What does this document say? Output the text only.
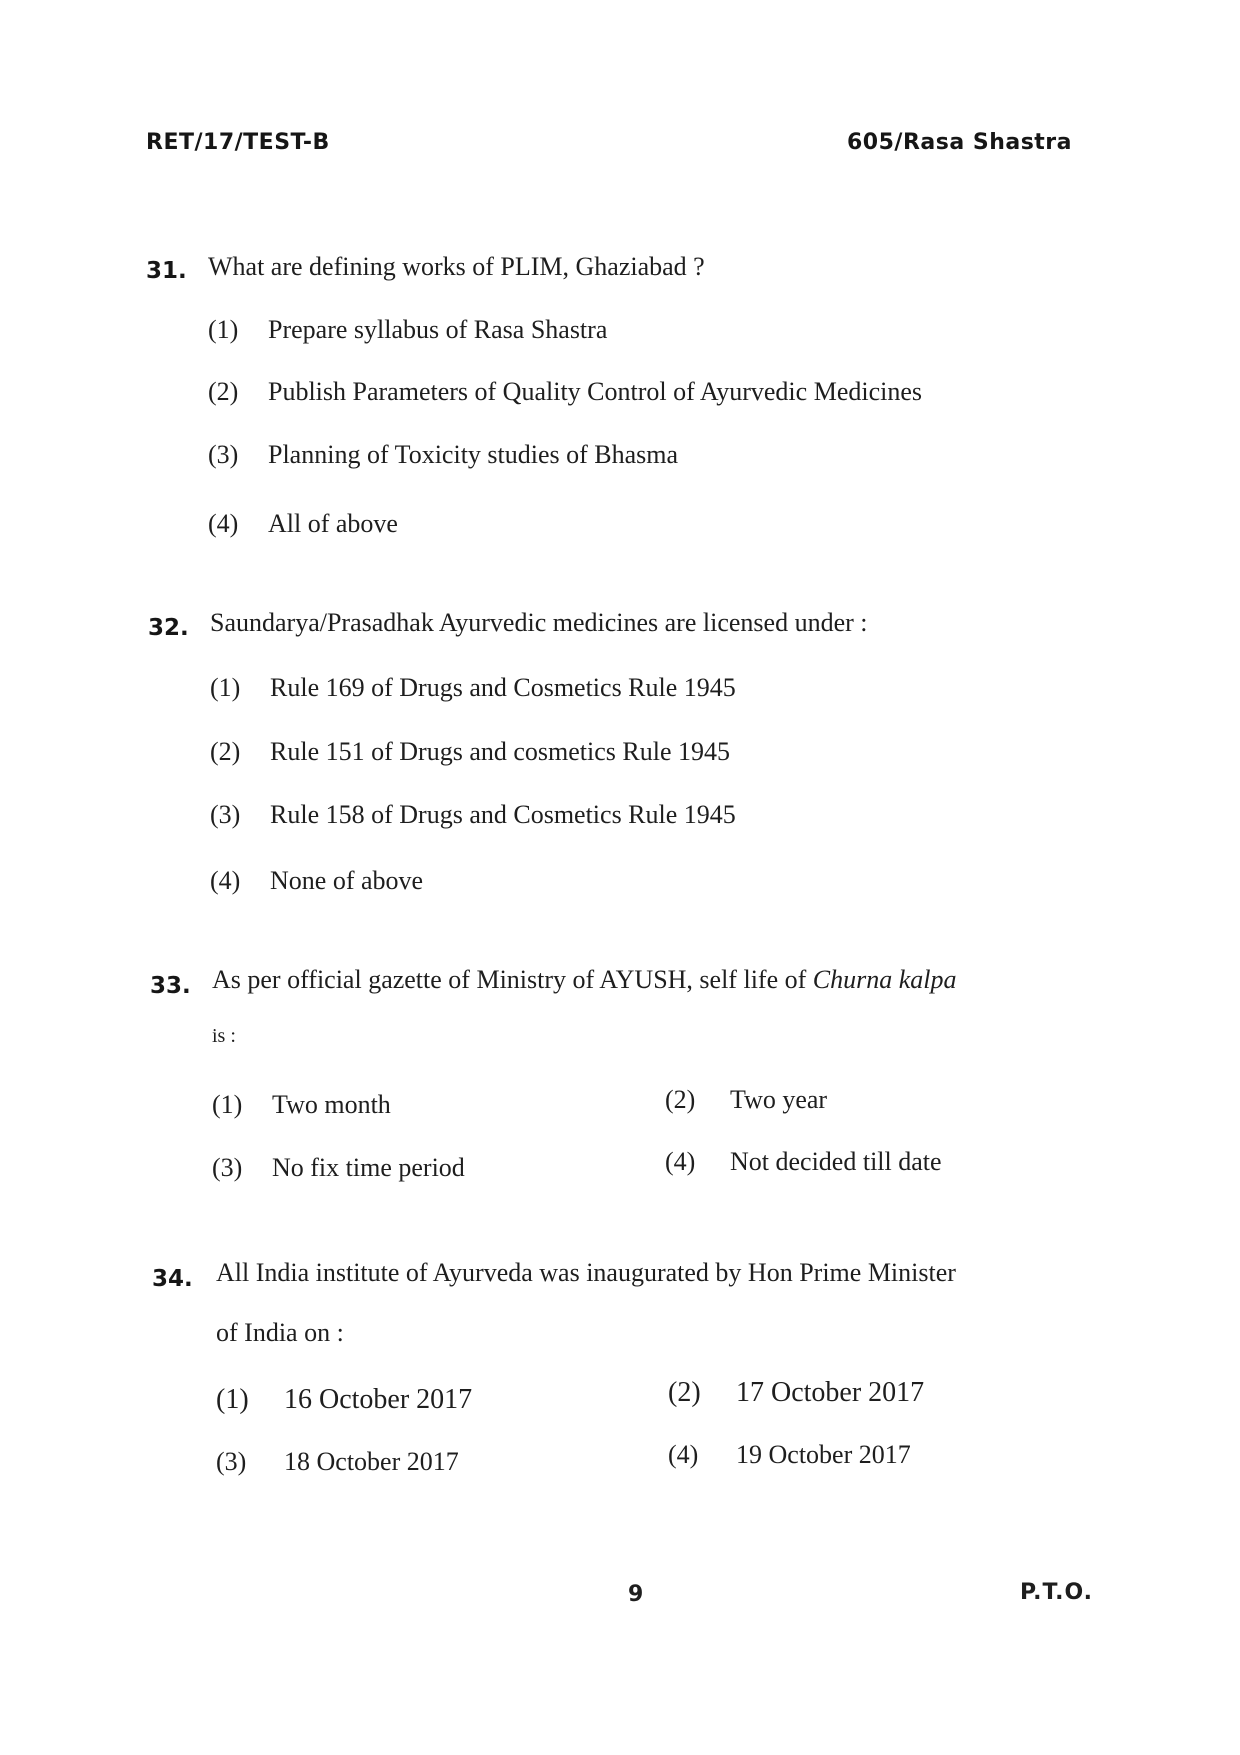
RET/17/TEST-B	605/Rasa Shastra
31. What are defining works of PLIM, Ghaziabad ?
(1) Prepare syllabus of Rasa Shastra
(2) Publish Parameters of Quality Control of Ayurvedic Medicines
(3) Planning of Toxicity studies of Bhasma
(4) All of above
32. Saundarya/Prasadhak Ayurvedic medicines are licensed under :
(1) Rule 169 of Drugs and Cosmetics Rule 1945
(2) Rule 151 of Drugs and cosmetics Rule 1945
(3) Rule 158 of Drugs and Cosmetics Rule 1945
(4) None of above
33. As per official gazette of Ministry of AYUSH, self life of Churna kalpa
is :
(1) Two month	(2) Two year
(3) No fix time period	(4) Not decided till date
34. All India institute of Ayurveda was inaugurated by Hon Prime Minister
of India on :
(1) 16 October 2017	(2) 17 October 2017
(3) 18 October 2017	(4) 19 October 2017
9	P.T.O.
